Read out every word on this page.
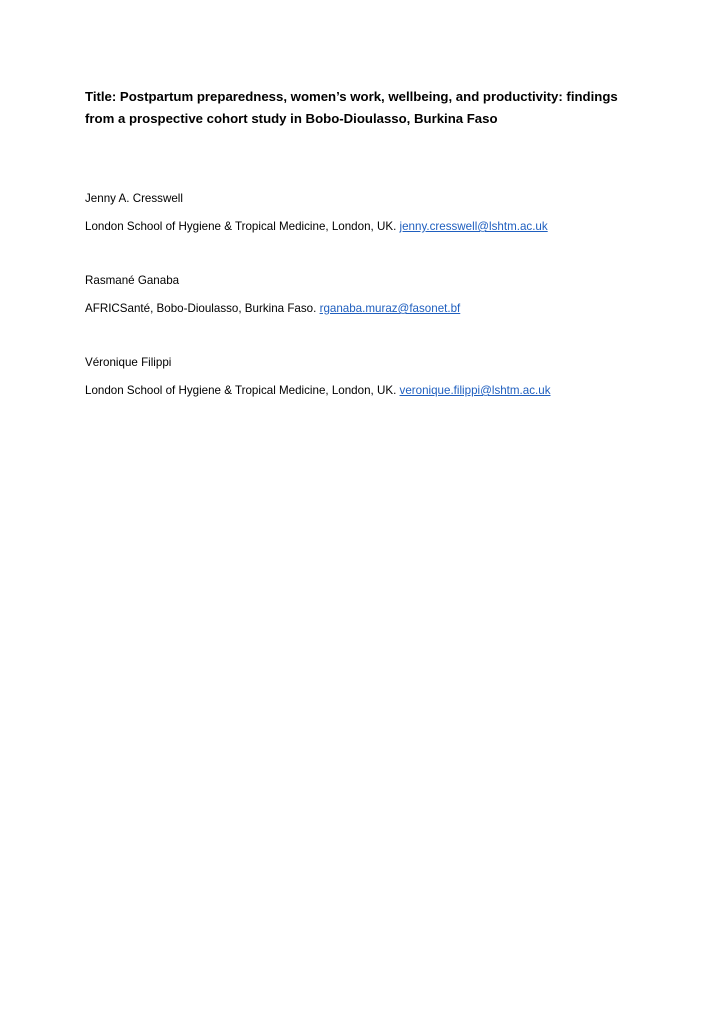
Title: Postpartum preparedness, women’s work, wellbeing, and productivity: findings from a prospective cohort study in Bobo-Dioulasso, Burkina Faso

Jenny A. Cresswell

London School of Hygiene & Tropical Medicine, London, UK. jenny.cresswell@lshtm.ac.uk

Rasmané Ganaba

AFRICSanté, Bobo-Dioulasso, Burkina Faso. rganaba.muraz@fasonet.bf

Véronique Filippi

London School of Hygiene & Tropical Medicine, London, UK. veronique.filippi@lshtm.ac.uk
